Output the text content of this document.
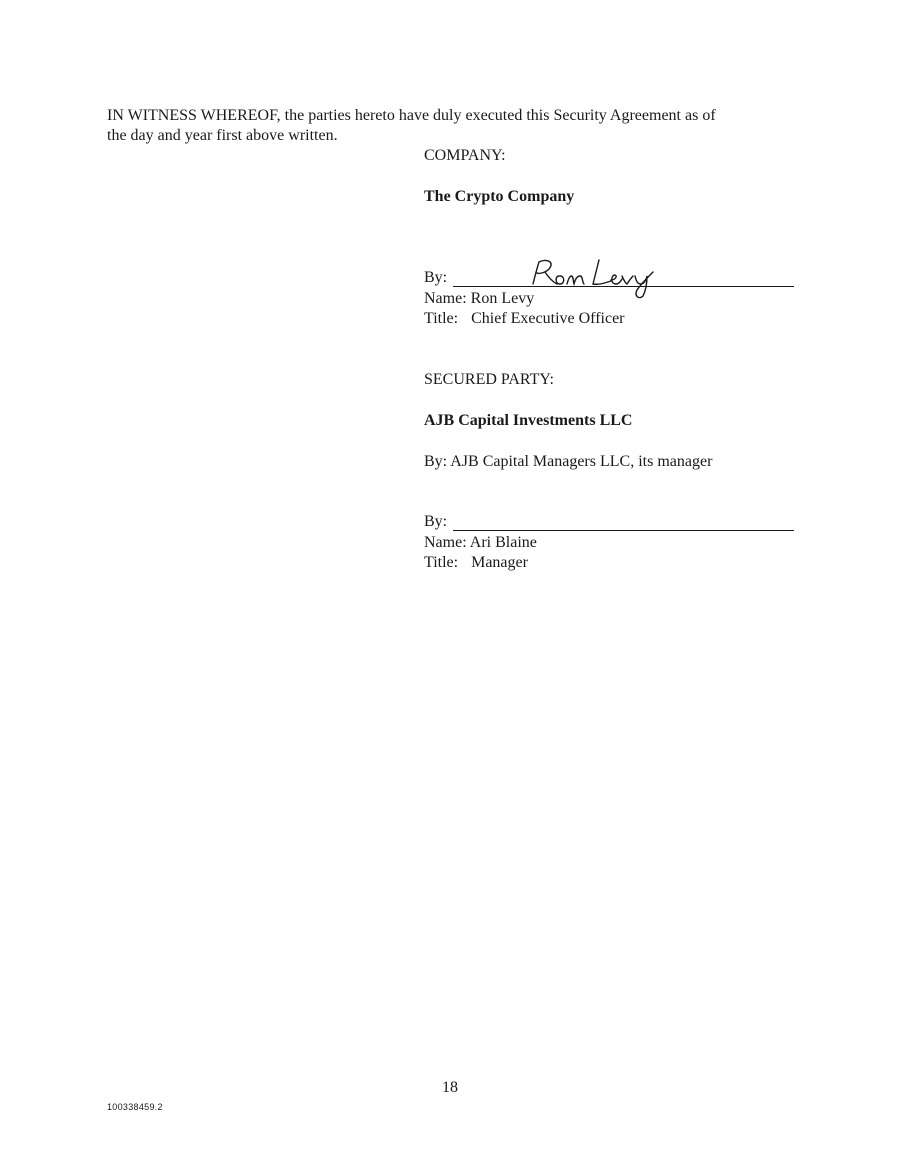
IN WITNESS WHEREOF, the parties hereto have duly executed this Security Agreement as of
the day and year first above written.
COMPANY:
The Crypto Company
By:
Name: Ron Levy
Title: Chief Executive Officer
SECURED PARTY:
AJB Capital Investments LLC
By: AJB Capital Managers LLC, its manager
By:
Name: Ari Blaine
Title: Manager
18
100338459.2
